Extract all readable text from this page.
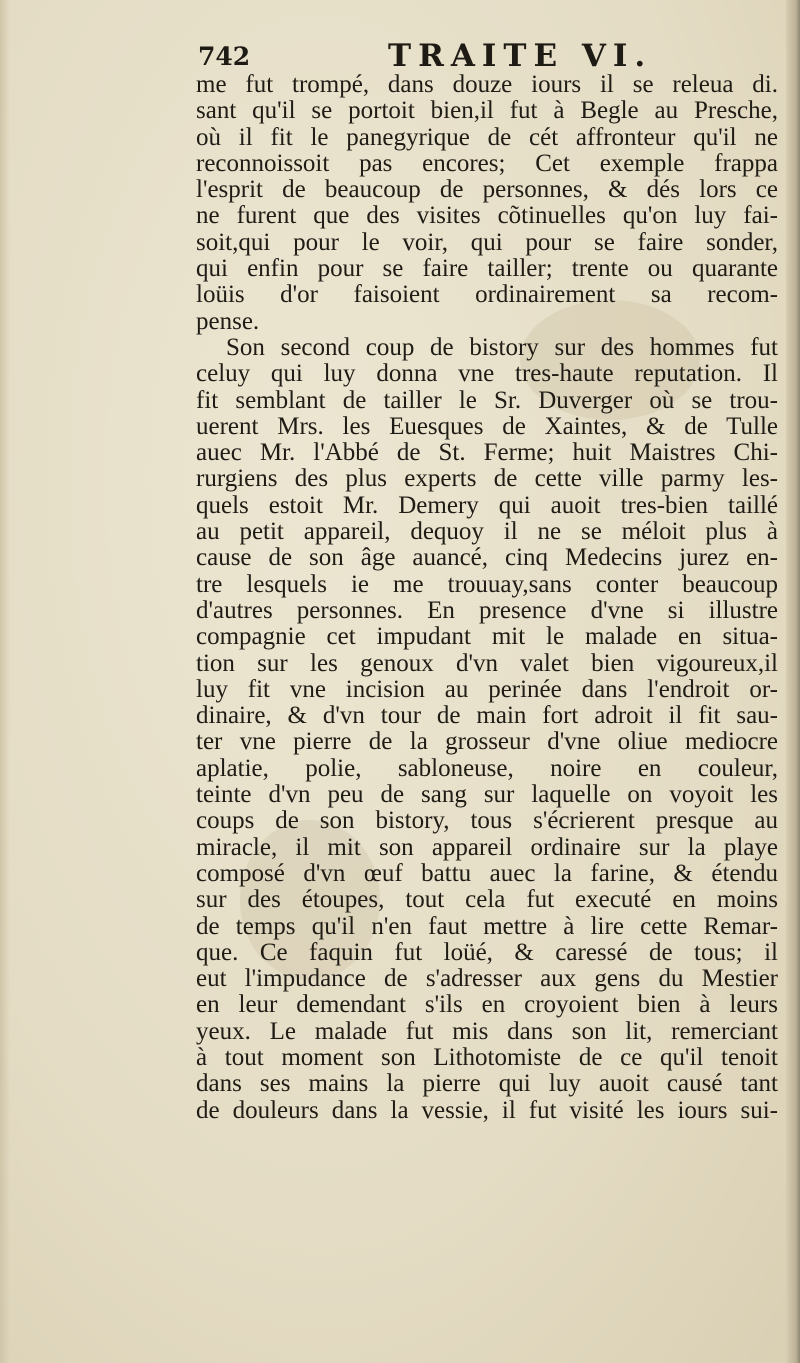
742	TRAITE VI.
me fut trompé, dans douze iours il se releua di.
sant qu'il se portoit bien,il fut à Begle au Presche,
où il fit le panegyrique de cét affronteur qu'il ne
reconnoissoit pas encores; Cet exemple frappa
l'esprit de beaucoup de personnes, & dés lors ce
ne furent que des visites cõtinuelles qu'on luy fai-
soit,qui pour le voir, qui pour se faire sonder,
qui enfin pour se faire tailler; trente ou quarante
loüis d'or faisoient ordinairement sa recom-
pense.
Son second coup de bistory sur des hommes fut
celuy qui luy donna vne tres-haute reputation. Il
fit semblant de tailler le Sr. Duverger où se trou-
uerent Mrs. les Euesques de Xaintes, & de Tulle
auec Mr. l'Abbé de St. Ferme; huit Maistres Chi-
rurgiens des plus experts de cette ville parmy les-
quels estoit Mr. Demery qui auoit tres-bien taillé
au petit appareil, dequoy il ne se méloit plus à
cause de son âge auancé, cinq Medecins jurez en-
tre lesquels ie me trouuay,sans conter beaucoup
d'autres personnes. En presence d'vne si illustre
compagnie cet impudant mit le malade en situa-
tion sur les genoux d'vn valet bien vigoureux,il
luy fit vne incision au perinée dans l'endroit or-
dinaire, & d'vn tour de main fort adroit il fit sau-
ter vne pierre de la grosseur d'vne oliue mediocre
aplatie, polie, sabloneuse, noire en couleur,
teinte d'vn peu de sang sur laquelle on voyoit les
coups de son bistory, tous s'écrierent presque au
miracle, il mit son appareil ordinaire sur la playe
composé d'vn œuf battu auec la farine, & étendu
sur des étoupes, tout cela fut executé en moins
de temps qu'il n'en faut mettre à lire cette Remar-
que. Ce faquin fut loüé, & caressé de tous; il
eut l'impudance de s'adresser aux gens du Mestier
en leur demendant s'ils en croyoient bien à leurs
yeux. Le malade fut mis dans son lit, remerciant
à tout moment son Lithotomiste de ce qu'il tenoit
dans ses mains la pierre qui luy auoit causé tant
de douleurs dans la vessie, il fut visité les iours sui-
